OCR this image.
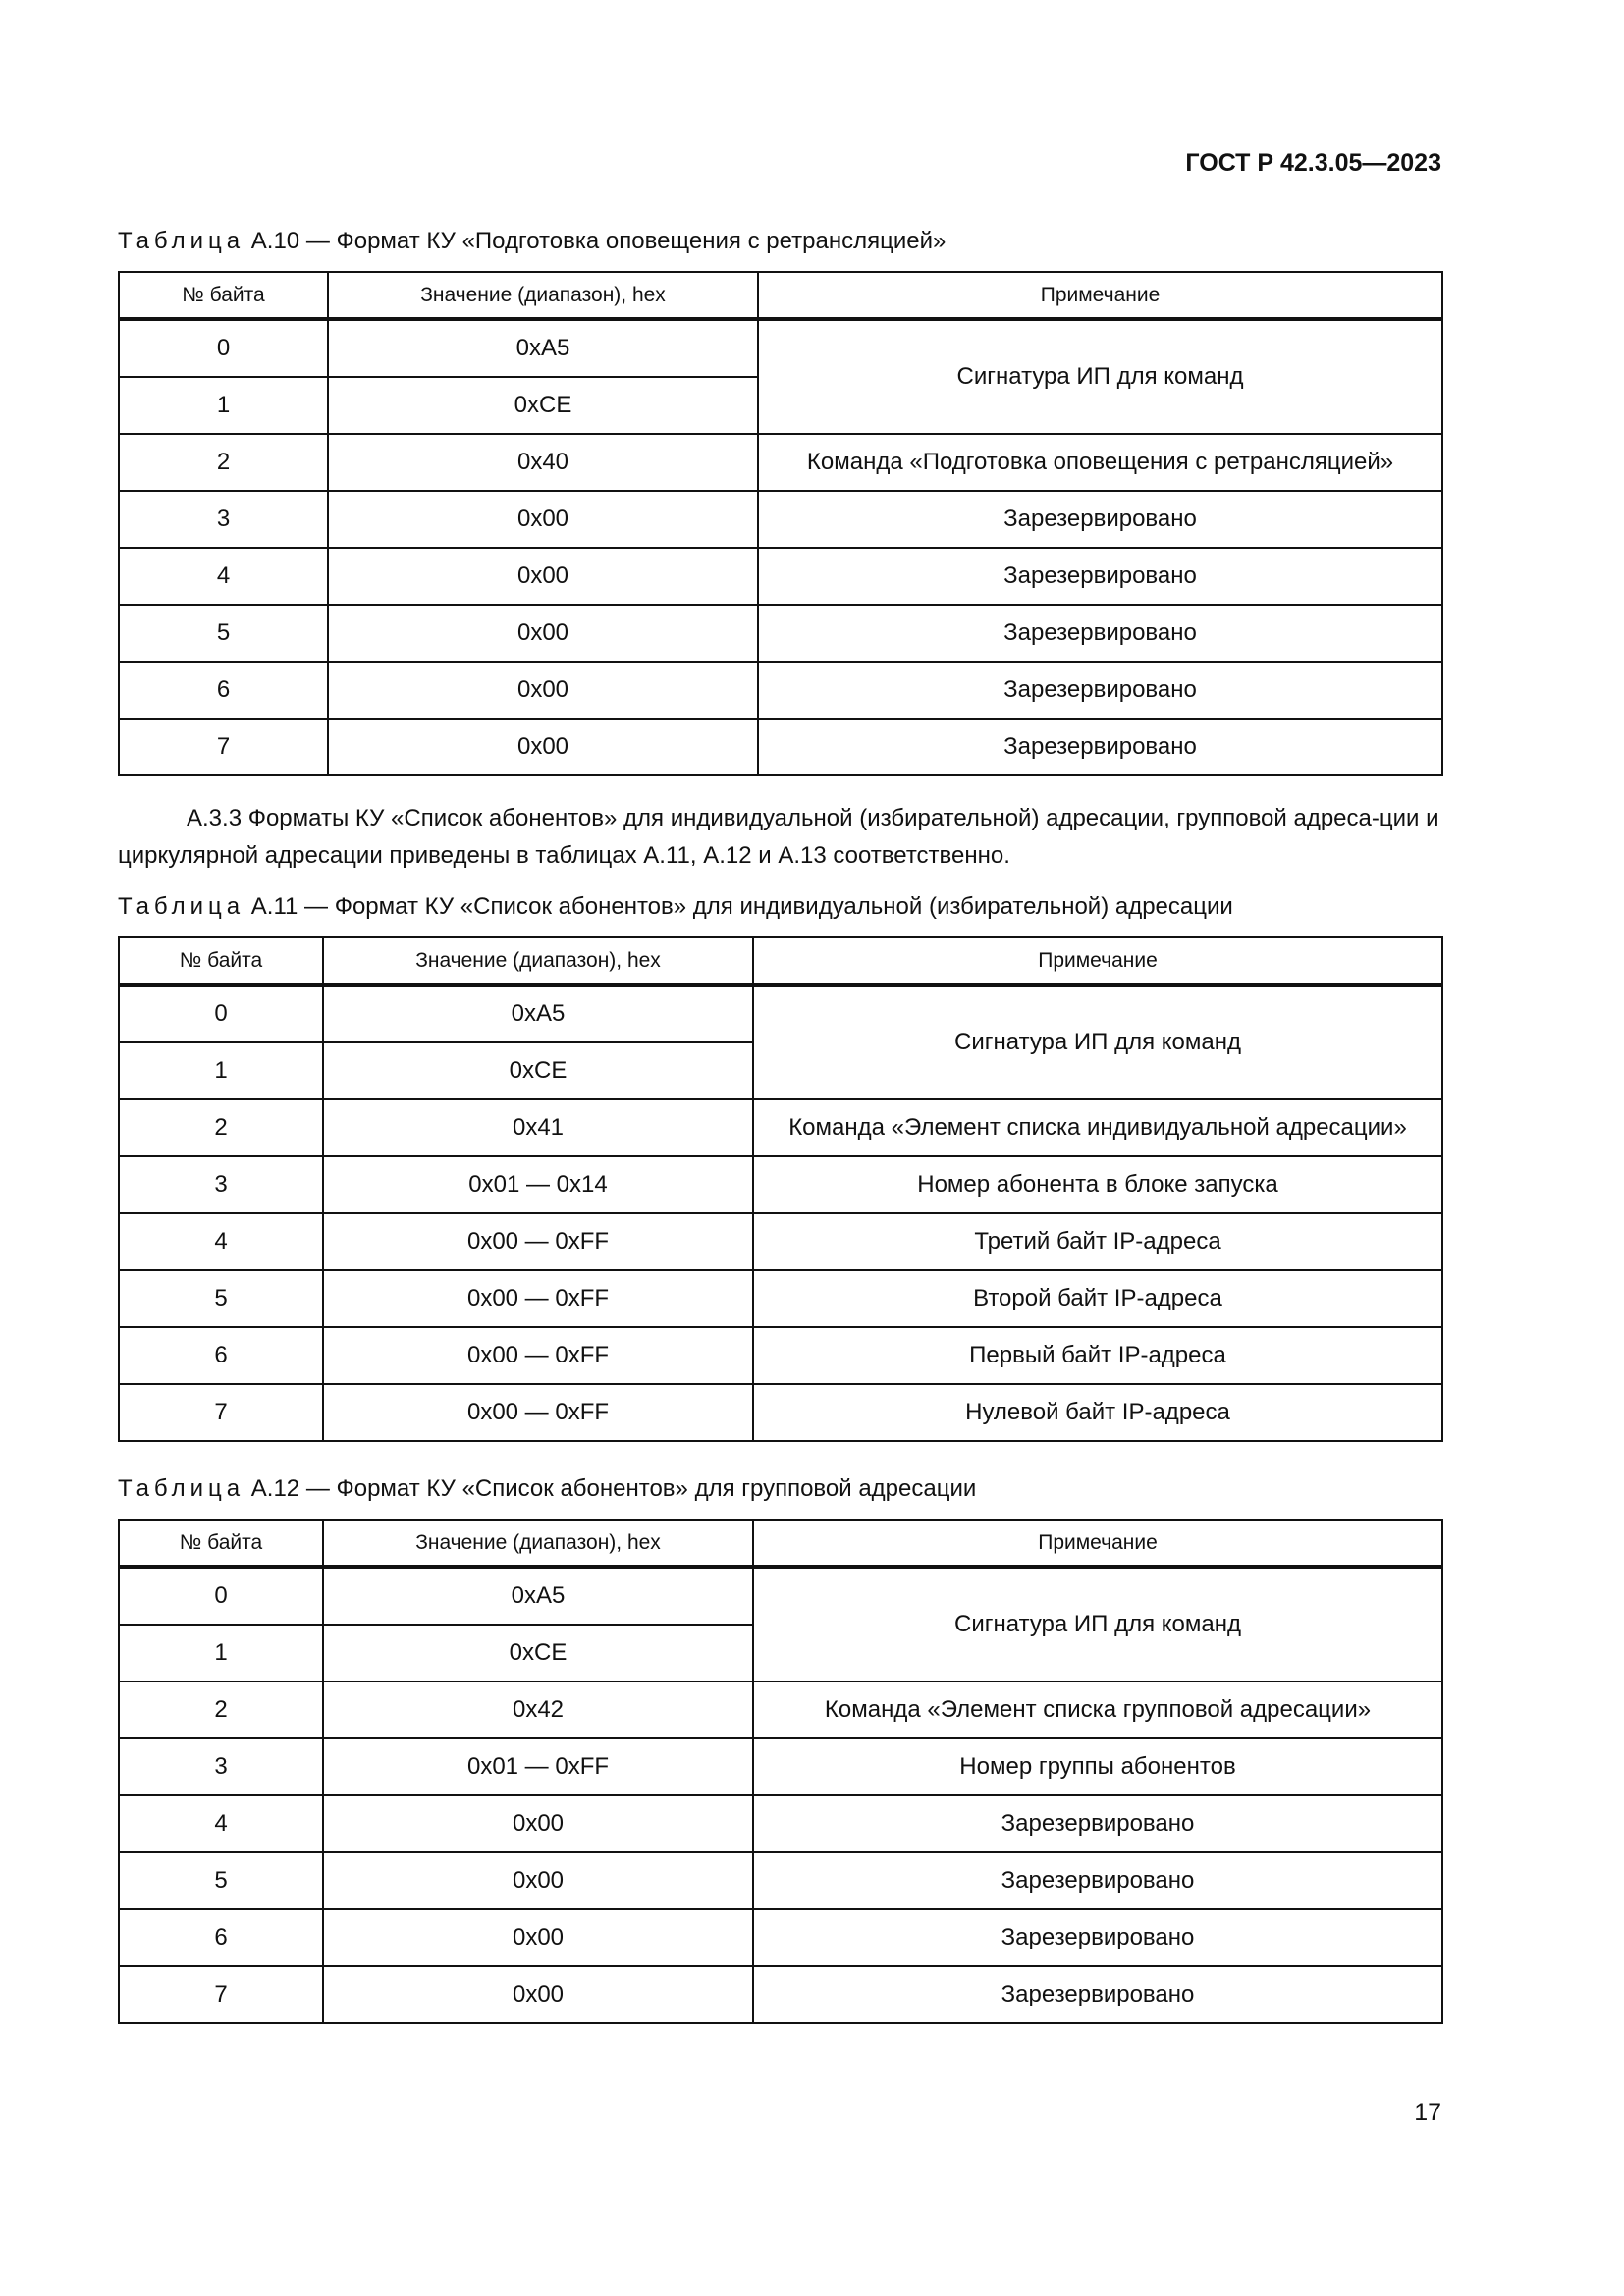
ГОСТ Р 42.3.05—2023
Таблица А.10 — Формат КУ «Подготовка оповещения с ретрансляцией»
№ байта	Значение (диапазон), hex	Примечание
0	0xA5	Сигнатура ИП для команд
1	0xCE	
2	0x40	Команда «Подготовка оповещения с ретрансляцией»
3	0x00	Зарезервировано
4	0x00	Зарезервировано
5	0x00	Зарезервировано
6	0x00	Зарезервировано
7	0x00	Зарезервировано
А.3.3 Форматы КУ «Список абонентов» для индивидуальной (избирательной) адресации, групповой адреса-ции и циркулярной адресации приведены в таблицах А.11, А.12 и А.13 соответственно.
Таблица А.11 — Формат КУ «Список абонентов» для индивидуальной (избирательной) адресации
№ байта	Значение (диапазон), hex	Примечание
0	0xA5	Сигнатура ИП для команд
1	0xCE	
2	0x41	Команда «Элемент списка индивидуальной адресации»
3	0x01 — 0x14	Номер абонента в блоке запуска
4	0x00 — 0xFF	Третий байт IP-адреса
5	0x00 — 0xFF	Второй байт IP-адреса
6	0x00 — 0xFF	Первый байт IP-адреса
7	0x00 — 0xFF	Нулевой байт IP-адреса
Таблица А.12 — Формат КУ «Список абонентов» для групповой адресации
№ байта	Значение (диапазон), hex	Примечание
0	0xA5	Сигнатура ИП для команд
1	0xCE	
2	0x42	Команда «Элемент списка групповой адресации»
3	0x01 — 0xFF	Номер группы абонентов
4	0x00	Зарезервировано
5	0x00	Зарезервировано
6	0x00	Зарезервировано
7	0x00	Зарезервировано
17
